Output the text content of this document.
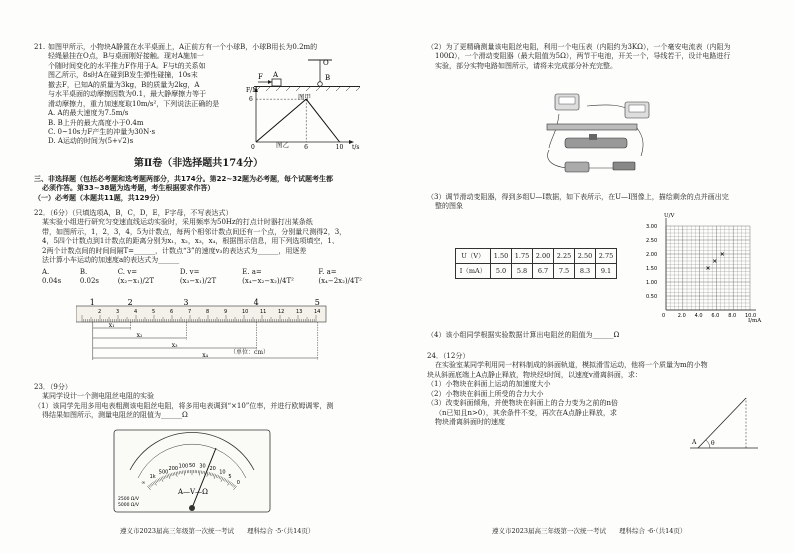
21. 如图甲所示，小物块A静置在水平桌面上，A正前方有一个小球B，小球B用长为0.2m的

轻绳悬挂在O点，B与桌面刚好接触。现对A施加一

个随时间变化的水平推力F作用于A。F与t的关系如

图乙所示，8s时A在碰到B发生弹性碰撞，10s末

撤去F，已知A的质量为3kg，B的质量为2kg，A

与水平桌面的动摩擦因数为0.1，最大静摩擦力等于

滑动摩擦力，重力加速度取10m/s²，下列说法正确的是

A. A的最大速度为7.5m/s

B. B上升的最大高度小于0.4m

C. 0~10s力F产生的冲量为30N·s

D. A运动的时间为(5+√2)s

O
F A	B
图甲
F/N
t/s
6
0	6	10
图乙
第Ⅱ卷（非选择题共174分）

三、非选择题（包括必考题和选考题两部分，共174分。第22~32题为必考题，每个试题考生都

必须作答。第33~38题为选考题，考生根据要求作答）

（一）必考题（本题共11题，共129分）

22．（6分）（只填选项A，B，C，D，E，F字母，不写表达式）

某实验小组进行研究匀变速直线运动实验时，采用频率为50Hz的打点计时器打出某条纸

带，如图所示，1，2，3，4，5为计数点，每两个相邻计数点间还有一个点，分别量尺测得2，3，

4，5四个计数点到1计数点的距离分别为x₁，x₂，x₃，x₄，根据图示信息，用下列选项填空，1、

2两个计数点间的时间间隔T=______，计数点“3”的速度v₃的表达式为______，用逐差

法计算小车运动的加速度a的表达式为______

A. 0.04s
B. 0.02s
C. v=(x₂−x₁)/2T
D. v=(x₃−x₁)/2T
E. a=(x₄−x₂−x₂)/4T²
F. a=(x₄−2x₂)/4T²
2	3	4	5	6	7	8	9	10 11 12 13 14
1	2	3	4	5
x₁
x₂
x₃
x₄	（单位：cm）

23．（9分）

某同学设计一个测电阻丝电阻的实验

（1）该同学先用多用电表粗测该电阻丝电阻，将多用电表调到“×10”位率，并进行欧姆调零，测

得结果如图所示，测量电阻丝的阻值为______Ω

∞
1k
500
200 100 50 30 20
10
5
0
A—V—Ω
2500 Ω/V
5000 Ω/V
遵义市2023届高三年级第一次统一考试　　理科综合 ·5·（共14页）

（2）为了更精确测量该电阻丝电阻，利用一个电压表（内阻约为3KΩ），一个毫安电流表（内阻为

100Ω），一个滑动变阻器（最大阻值为5Ω），两节干电池，开关一个，导线若干，设计电路进行

实验，部分实物电路如图所示，请将未完成部分补充完整。

（3）调节滑动变阻器，得到多组U—I数据，如下表所示，在U—I图像上，描绘剩余的点并画出完

整的图象

U（V）	1.50	1.75	2.00	2.25	2.50	2.75
I（mA）	5.0	5.8	6.7	7.5	8.3	9.1
U/V
I/mA
3.00
2.50
2.00
1.50
1.00
0.50
0	2.0 4.0 6.0 8.0 10.0
（4）该小组同学根据实验数据计算出电阻丝的阻值为______Ω

24．（12分）

在实验室某同学利用同一材料制成的斜面轨道，模拟滑雪运动，他将一个质量为m的小物

块从斜面底端上A点静止释放，物块经t时间，以速度v滑离斜面，求：

（1）小物块在斜面上运动的加速度大小

（2）小物块在斜面上所受的合力大小

（3）改变斜面倾角，并使物块在斜面上的合力变为之前的n倍

（n已知且n>0），其余条件不变，再次在A点静止释放，求

物块滑离斜面时的速度

θ
A
遵义市2023届高三年级第一次统一考试　　理科综合 ·6·（共14页）
